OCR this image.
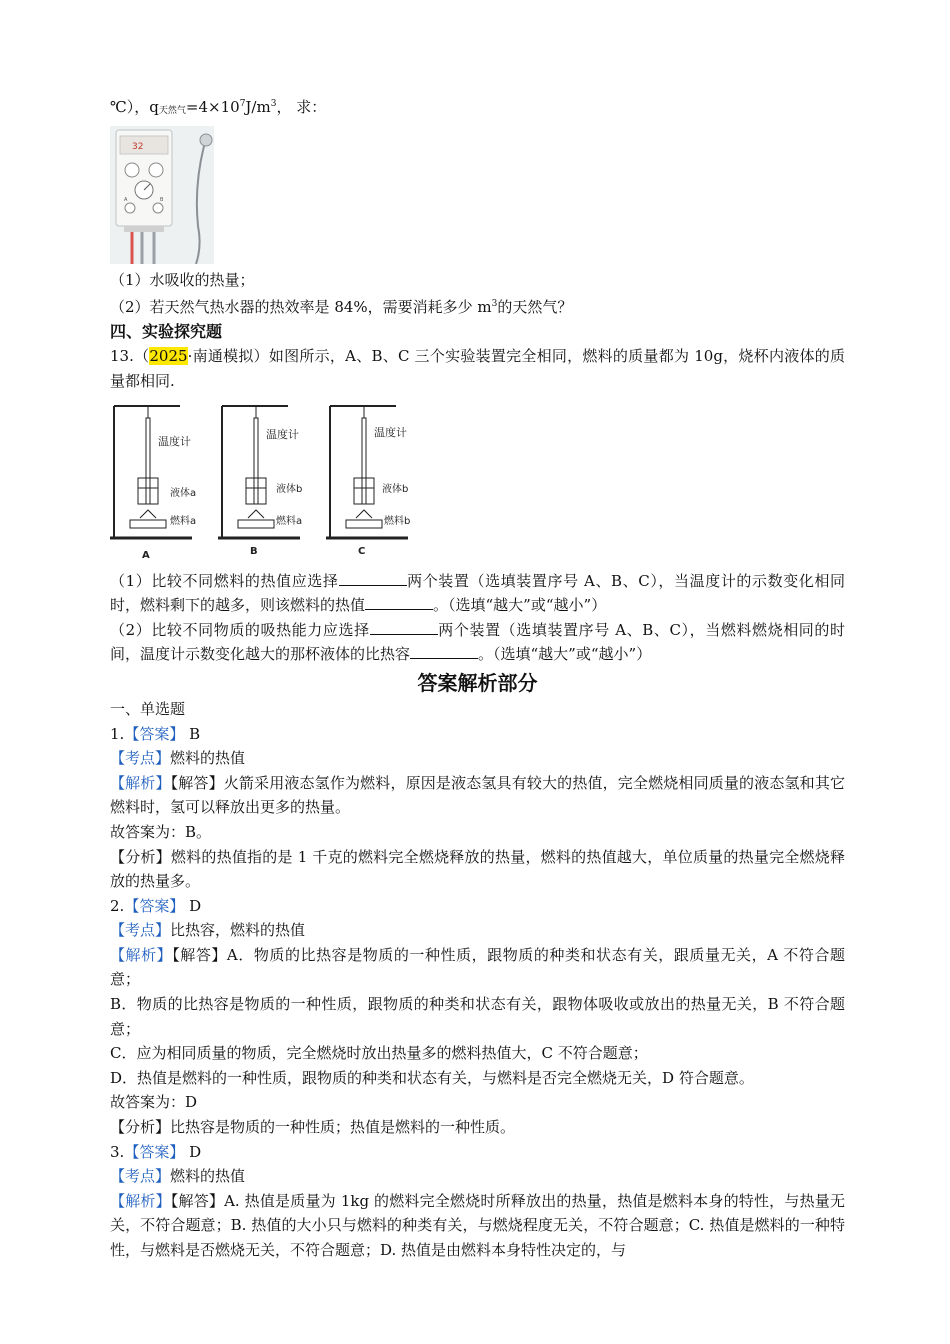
℃），$q_{天然气}=4\times 10^7J/m^3$， 求：
32
A	B
（1）水吸收的热量；
（2）若天然气热水器的热效率是 84%，需要消耗多少 $m^3$的天然气？
四、实验探究题
13.（2025·南通模拟）如图所示，A、B、C 三个实验装置完全相同，燃料的质量都为 10g，烧杯内液体的质量都相同.
温度计
液体a
燃料a
A
温度计
液体b
燃料a
B
温度计
液体b
燃料b
C
（1）比较不同燃料的热值应选择	两个装置（选填装置序号 A、B、C），当温度计的示数变化相同时，燃料剩下的越多，则该燃料的热值	。（选填“越大”或“越小”）
（2）比较不同物质的吸热能力应选择	两个装置（选填装置序号 A、B、C），当燃料燃烧相同的时间，温度计示数变化越大的那杯液体的比热容	。（选填“越大”或“越小”）
答案解析部分
一、单选题
1.【答案】 B
【考点】燃料的热值
【解析】【解答】火箭采用液态氢作为燃料，原因是液态氢具有较大的热值，完全燃烧相同质量的液态氢和其它燃料时，氢可以释放出更多的热量。
故答案为：B。
【分析】燃料的热值指的是 1 千克的燃料完全燃烧释放的热量，燃料的热值越大，单位质量的热量完全燃烧释放的热量多。
2.【答案】 D
【考点】比热容，燃料的热值
【解析】【解答】A．物质的比热容是物质的一种性质，跟物质的种类和状态有关，跟质量无关，A 不符合题意；
B．物质的比热容是物质的一种性质，跟物质的种类和状态有关，跟物体吸收或放出的热量无关，B 不符合题意；
C．应为相同质量的物质，完全燃烧时放出热量多的燃料热值大，C 不符合题意；
D．热值是燃料的一种性质，跟物质的种类和状态有关，与燃料是否完全燃烧无关，D 符合题意。
故答案为：D
【分析】比热容是物质的一种性质；热值是燃料的一种性质。
3.【答案】 D
【考点】燃料的热值
【解析】【解答】A. 热值是质量为 1kg 的燃料完全燃烧时所释放出的热量，热值是燃料本身的特性，与热量无关，不符合题意；B. 热值的大小只与燃料的种类有关，与燃烧程度无关，不符合题意；C. 热值是燃料的一种特性，与燃料是否燃烧无关，不符合题意；D. 热值是由燃料本身特性决定的，与
